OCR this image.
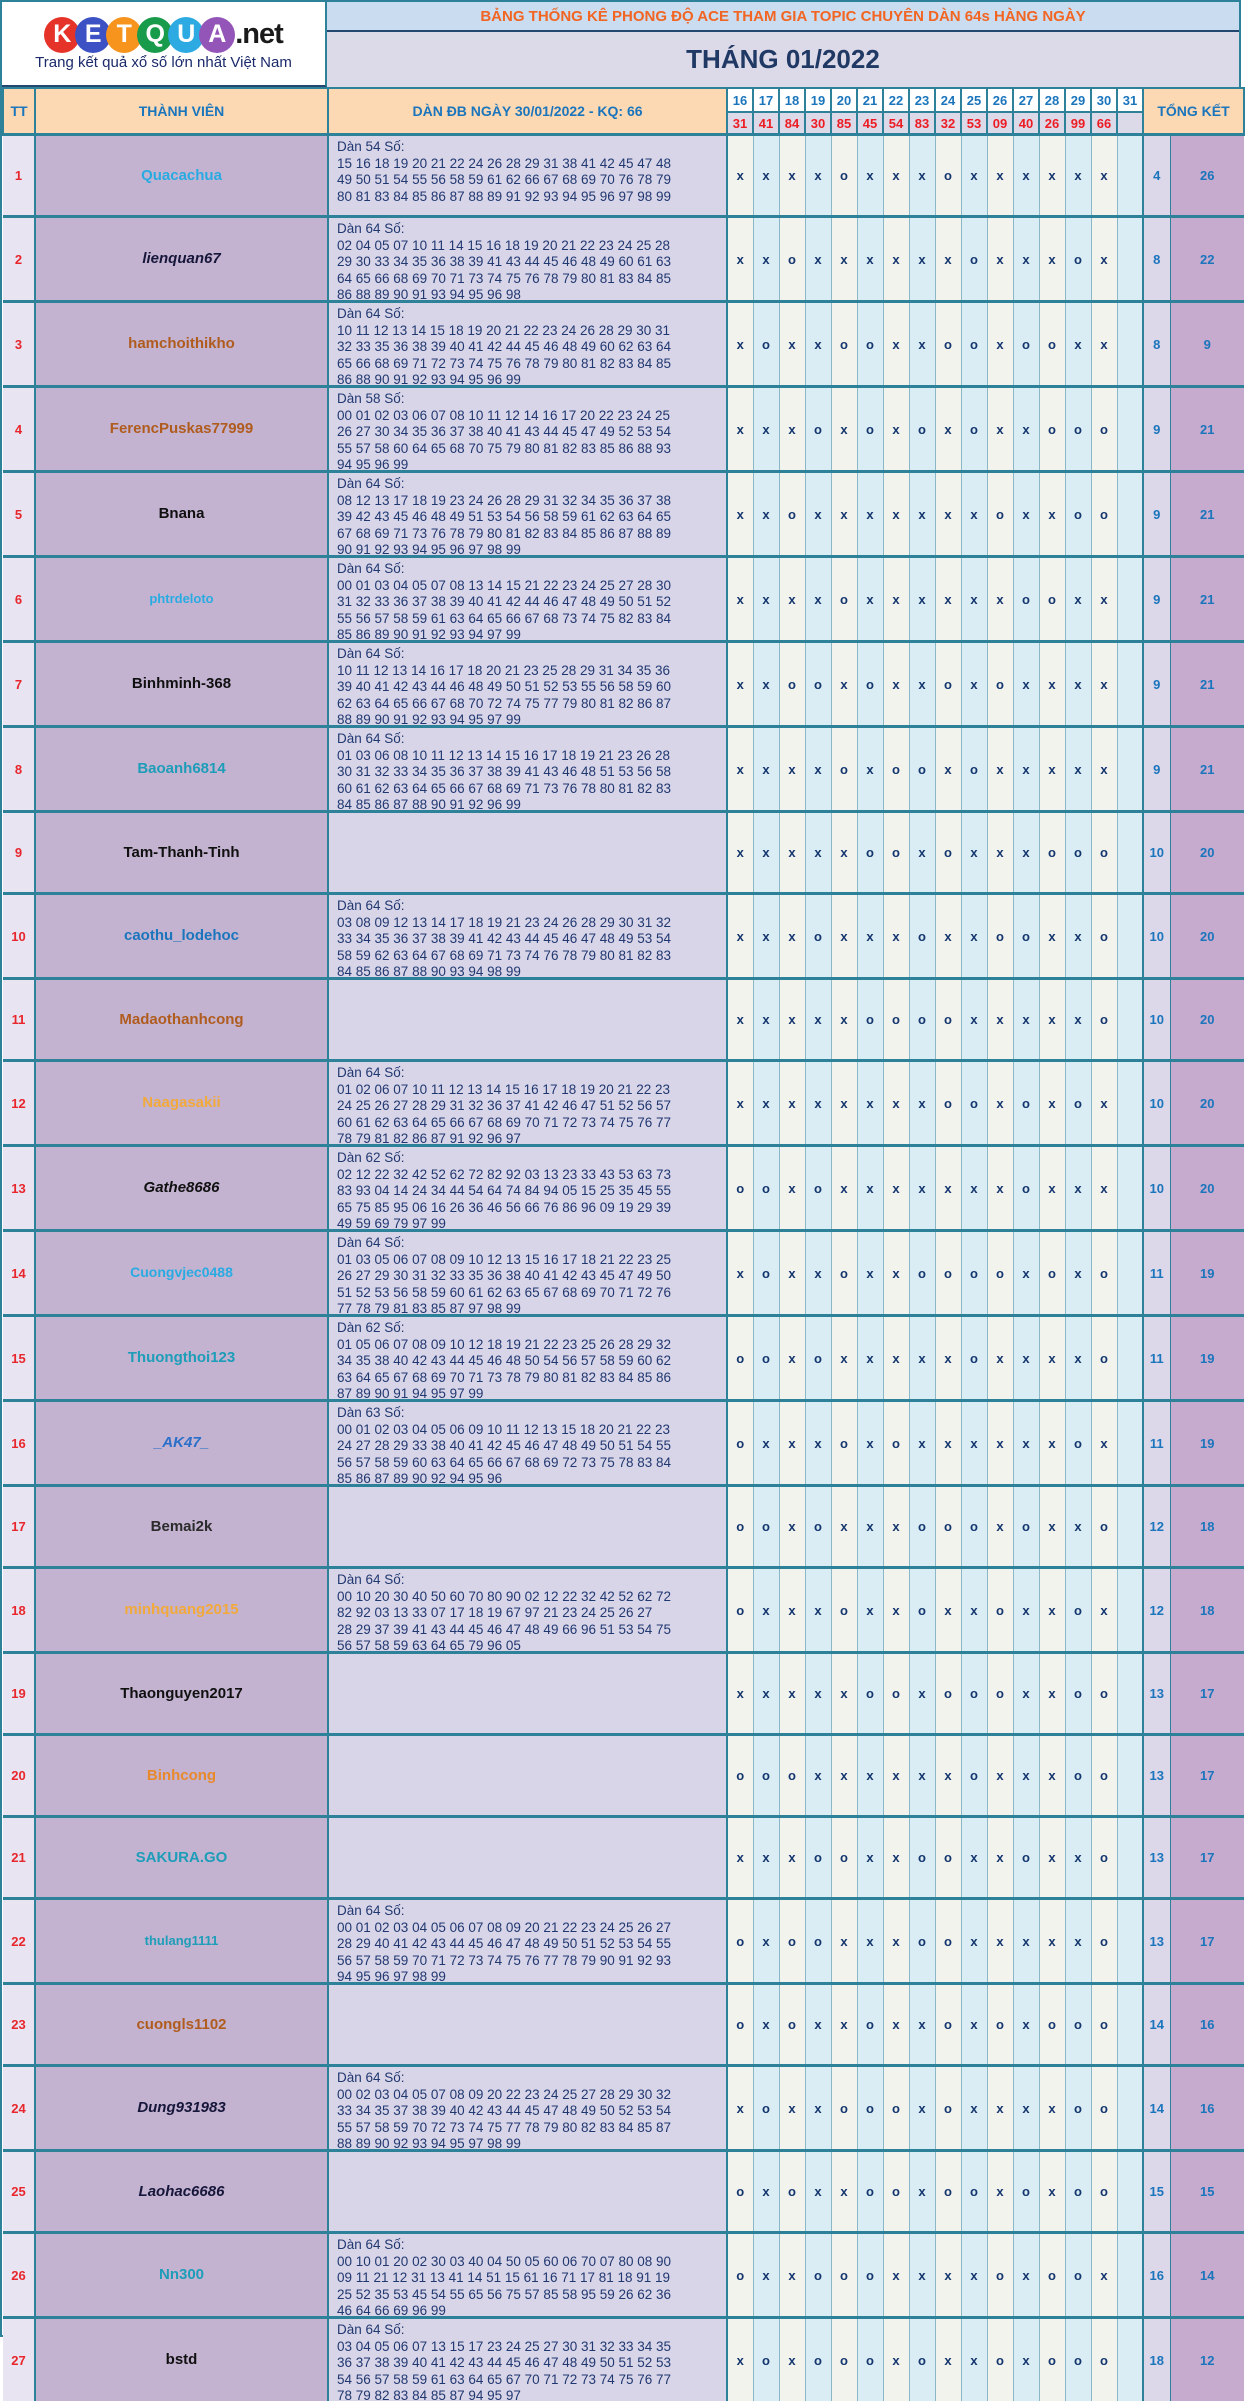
K E T Q U A .net
Trang kết quả xổ số lớn nhất Việt Nam
BẢNG THỐNG KÊ PHONG ĐỘ ACE THAM GIA TOPIC CHUYÊN DÀN 64s HÀNG NGÀY
THÁNG 01/2022
TT	THÀNH VIÊN	DÀN ĐB NGÀY 30/01/2022 - KQ: 66	16	17	18	19	20	21	22	23	24	25	26	27	28	29	30	31	TỔNG KẾT	
			31	41	84	30	85	45	54	83	32	53	09	40	26	99	66			
1	Quacachua	Dàn 54 Số:
15 16 18 19 20 21 22 24 26 28 29 31 38 41 42 45 47 48
49 50 51 54 55 56 58 59 61 62 66 67 68 69 70 76 78 79
80 81 83 84 85 86 87 88 89 91 92 93 94 95 96 97 98 99	x	x	x	x	o	x	x	x	o	x	x	x	x	x	x		4	26
2	lienquan67	Dàn 64 Số:
02 04 05 07 10 11 14 15 16 18 19 20 21 22 23 24 25 28
29 30 33 34 35 36 38 39 41 43 44 45 46 48 49 60 61 63
64 65 66 68 69 70 71 73 74 75 76 78 79 80 81 83 84 85
86 88 89 90 91 93 94 95 96 98	x	x	o	x	x	x	x	x	x	o	x	x	x	o	x		8	22
3	hamchoithikho	Dàn 64 Số:
10 11 12 13 14 15 18 19 20 21 22 23 24 26 28 29 30 31
32 33 35 36 38 39 40 41 42 44 45 46 48 49 60 62 63 64
65 66 68 69 71 72 73 74 75 76 78 79 80 81 82 83 84 85
86 88 90 91 92 93 94 95 96 99	x	o	x	x	o	o	x	x	o	o	x	o	o	x	x		8	9
4	FerencPuskas77999	Dàn 58 Số:
00 01 02 03 06 07 08 10 11 12 14 16 17 20 22 23 24 25
26 27 30 34 35 36 37 38 40 41 43 44 45 47 49 52 53 54
55 57 58 60 64 65 68 70 75 79 80 81 82 83 85 86 88 93
94 95 96 99	x	x	x	o	x	o	x	o	x	o	x	x	o	o	o		9	21
5	Bnana	Dàn 64 Số:
08 12 13 17 18 19 23 24 26 28 29 31 32 34 35 36 37 38
39 42 43 45 46 48 49 51 53 54 56 58 59 61 62 63 64 65
67 68 69 71 73 76 78 79 80 81 82 83 84 85 86 87 88 89
90 91 92 93 94 95 96 97 98 99	x	x	o	x	x	x	x	x	x	x	o	x	x	o	o		9	21
6	phtrdeloto	Dàn 64 Số:
00 01 03 04 05 07 08 13 14 15 21 22 23 24 25 27 28 30
31 32 33 36 37 38 39 40 41 42 44 46 47 48 49 50 51 52
55 56 57 58 59 61 63 64 65 66 67 68 73 74 75 82 83 84
85 86 89 90 91 92 93 94 97 99	x	x	x	x	o	x	x	x	x	x	x	o	o	x	x		9	21
7	Binhminh-368	Dàn 64 Số:
10 11 12 13 14 16 17 18 20 21 23 25 28 29 31 34 35 36
39 40 41 42 43 44 46 48 49 50 51 52 53 55 56 58 59 60
62 63 64 65 66 67 68 70 72 74 75 77 79 80 81 82 86 87
88 89 90 91 92 93 94 95 97 99	x	x	o	o	x	o	x	x	o	x	o	x	x	x	x		9	21
8	Baoanh6814	Dàn 64 Số:
01 03 06 08 10 11 12 13 14 15 16 17 18 19 21 23 26 28
30 31 32 33 34 35 36 37 38 39 41 43 46 48 51 53 56 58
60 61 62 63 64 65 66 67 68 69 71 73 76 78 80 81 82 83
84 85 86 87 88 90 91 92 96 99	x	x	x	x	o	x	o	o	x	o	x	x	x	x	x		9	21
9	Tam-Thanh-Tinh		x	x	x	x	x	o	o	x	o	x	x	x	o	o	o		10	20
10	caothu_lodehoc	Dàn 64 Số:
03 08 09 12 13 14 17 18 19 21 23 24 26 28 29 30 31 32
33 34 35 36 37 38 39 41 42 43 44 45 46 47 48 49 53 54
58 59 62 63 64 67 68 69 71 73 74 76 78 79 80 81 82 83
84 85 86 87 88 90 93 94 98 99	x	x	x	o	x	x	x	o	x	x	o	o	x	x	o		10	20
11	Madaothanhcong		x	x	x	x	x	o	o	o	o	x	x	x	x	x	o		10	20
12	Naagasakii	Dàn 64 Số:
01 02 06 07 10 11 12 13 14 15 16 17 18 19 20 21 22 23
24 25 26 27 28 29 31 32 36 37 41 42 46 47 51 52 56 57
60 61 62 63 64 65 66 67 68 69 70 71 72 73 74 75 76 77
78 79 81 82 86 87 91 92 96 97	x	x	x	x	x	x	x	x	o	o	x	o	x	o	x		10	20
13	Gathe8686	Dàn 62 Số:
02 12 22 32 42 52 62 72 82 92 03 13 23 33 43 53 63 73
83 93 04 14 24 34 44 54 64 74 84 94 05 15 25 35 45 55
65 75 85 95 06 16 26 36 46 56 66 76 86 96 09 19 29 39
49 59 69 79 97 99	o	o	x	o	x	x	x	x	x	x	x	o	x	x	x		10	20
14	Cuongvjec0488	Dàn 64 Số:
01 03 05 06 07 08 09 10 12 13 15 16 17 18 21 22 23 25
26 27 29 30 31 32 33 35 36 38 40 41 42 43 45 47 49 50
51 52 53 56 58 59 60 61 62 63 65 67 68 69 70 71 72 76
77 78 79 81 83 85 87 97 98 99	x	o	x	x	o	x	x	o	o	o	o	x	o	x	o		11	19
15	Thuongthoi123	Dàn 62 Số:
01 05 06 07 08 09 10 12 18 19 21 22 23 25 26 28 29 32
34 35 38 40 42 43 44 45 46 48 50 54 56 57 58 59 60 62
63 64 65 67 68 69 70 71 73 78 79 80 81 82 83 84 85 86
87 89 90 91 94 95 97 99	o	o	x	o	x	x	x	x	x	o	x	x	x	x	o		11	19
16	_AK47_	Dàn 63 Số:
00 01 02 03 04 05 06 09 10 11 12 13 15 18 20 21 22 23
24 27 28 29 33 38 40 41 42 45 46 47 48 49 50 51 54 55
56 57 58 59 60 63 64 65 66 67 68 69 72 73 75 78 83 84
85 86 87 89 90 92 94 95 96	o	x	x	x	o	x	o	x	x	x	x	x	x	o	x		11	19
17	Bemai2k		o	o	x	o	x	x	x	o	o	o	x	o	x	x	o		12	18
18	minhquang2015	Dàn 64 Số:
00 10 20 30 40 50 60 70 80 90 02 12 22 32 42 52 62 72
82 92 03 13 33 07 17 18 19 67 97 21 23 24 25 26 27
28 29 37 39 41 43 44 45 46 47 48 49 66 96 51 53 54 75
56 57 58 59 63 64 65 79 96 05	o	x	x	x	o	x	x	o	x	x	o	x	x	o	x		12	18
19	Thaonguyen2017		x	x	x	x	x	o	o	x	o	o	o	x	x	o	o		13	17
20	Binhcong		o	o	o	x	x	x	x	x	x	o	x	x	x	o	o		13	17
21	SAKURA.GO		x	x	x	o	o	x	x	o	o	x	x	o	x	x	o		13	17
22	thulang1111	Dàn 64 Số:
00 01 02 03 04 05 06 07 08 09 20 21 22 23 24 25 26 27
28 29 40 41 42 43 44 45 46 47 48 49 50 51 52 53 54 55
56 57 58 59 70 71 72 73 74 75 76 77 78 79 90 91 92 93
94 95 96 97 98 99	o	x	o	o	x	x	x	o	o	x	x	x	x	x	o		13	17
23	cuongls1102		o	x	o	x	x	o	x	x	o	x	o	x	o	o	o		14	16
24	Dung931983	Dàn 64 Số:
00 02 03 04 05 07 08 09 20 22 23 24 25 27 28 29 30 32
33 34 35 37 38 39 40 42 43 44 45 47 48 49 50 52 53 54
55 57 58 59 70 72 73 74 75 77 78 79 80 82 83 84 85 87
88 89 90 92 93 94 95 97 98 99	x	o	x	x	o	o	o	x	o	x	x	x	x	o	o		14	16
25	Laohac6686		o	x	o	x	x	o	o	x	o	o	x	o	x	o	o		15	15
26	Nn300	Dàn 64 Số:
00 10 01 20 02 30 03 40 04 50 05 60 06 70 07 80 08 90
09 11 21 12 31 13 41 14 51 15 61 16 71 17 81 18 91 19
25 52 35 53 45 54 55 65 56 75 57 85 58 95 59 26 62 36
46 64 66 69 96 99	o	x	x	o	o	o	x	x	x	x	o	x	o	o	x		16	14
27	bstd	Dàn 64 Số:
03 04 05 06 07 13 15 17 23 24 25 27 30 31 32 33 34 35
36 37 38 39 40 41 42 43 44 45 46 47 48 49 50 51 52 53
54 56 57 58 59 61 63 64 65 67 70 71 72 73 74 75 76 77
78 79 82 83 84 85 87 94 95 97	x	o	x	o	o	o	x	o	x	x	o	x	o	o	o		18	12
